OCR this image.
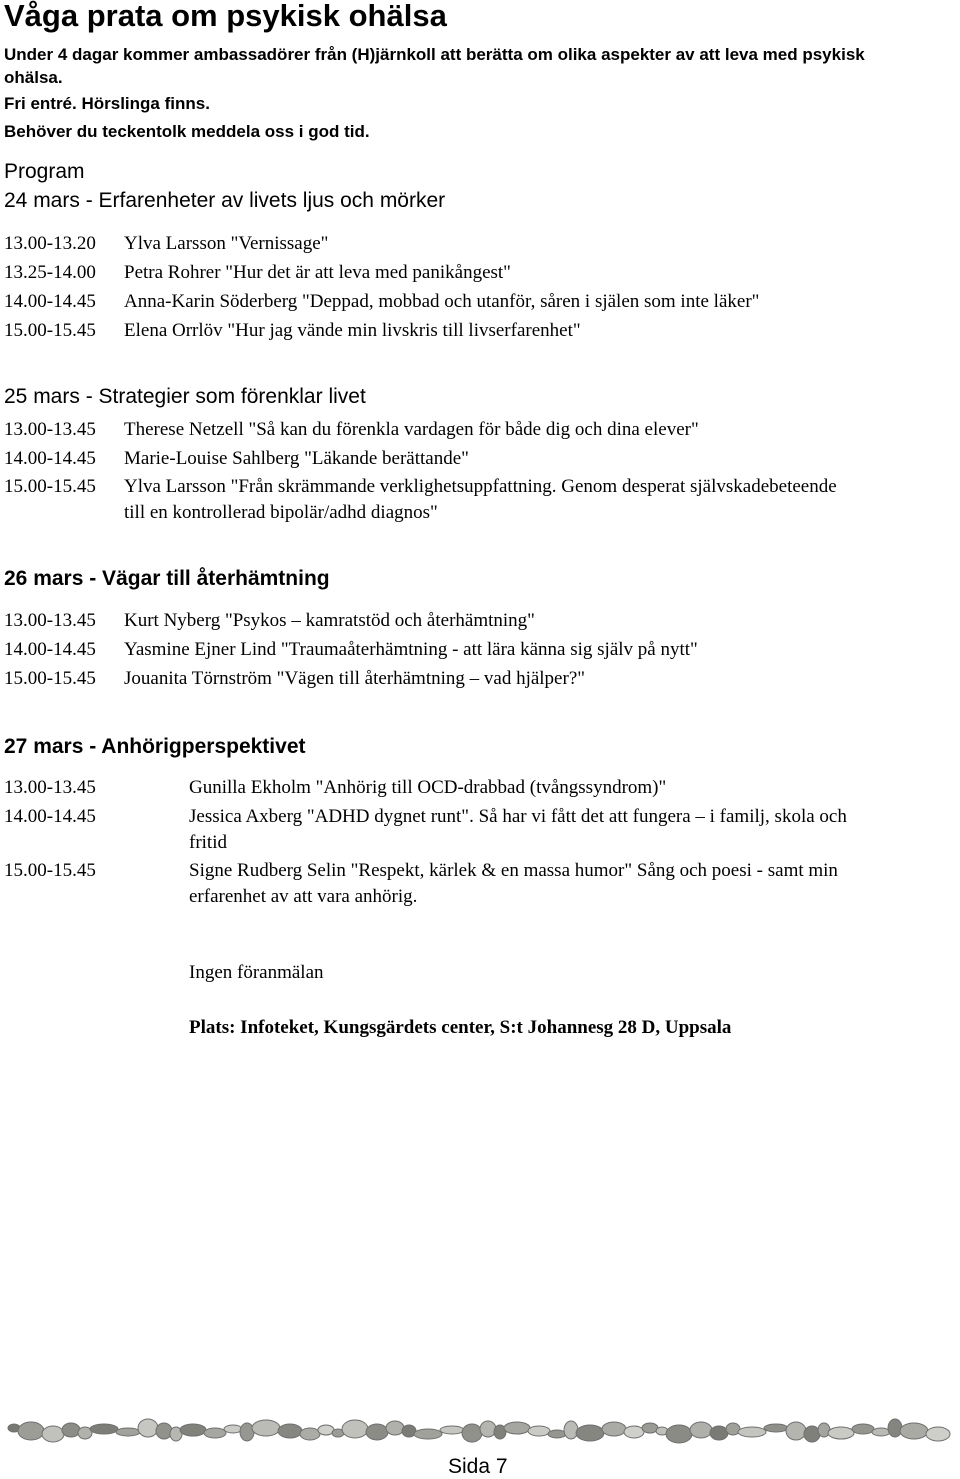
Våga prata om psykisk ohälsa
Under 4 dagar kommer ambassadörer från (H)järnkoll att berätta om olika aspekter av att leva med psykisk
ohälsa.
Fri entré. Hörslinga finns.
Behöver du teckentolk meddela oss i god tid.
Program
24 mars - Erfarenheter av livets ljus och mörker
13.00-13.20 Ylva Larsson "Vernissage"
13.25-14.00 Petra Rohrer "Hur det är att leva med panikångest"
14.00-14.45 Anna-Karin Söderberg "Deppad, mobbad och utanför, såren i själen som inte läker"
15.00-15.45 Elena Orrlöv "Hur jag vände min livskris till livserfarenhet"
25 mars - Strategier som förenklar livet
13.00-13.45 Therese Netzell "Så kan du förenkla vardagen för både dig och dina elever"
14.00-14.45 Marie-Louise Sahlberg "Läkande berättande"
15.00-15.45 Ylva Larsson "Från skrämmande verklighetsuppfattning. Genom desperat självskadebeteende
till en kontrollerad bipolär/adhd diagnos"
26 mars - Vägar till återhämtning
13.00-13.45 Kurt Nyberg "Psykos – kamratstöd och återhämtning"
14.00-14.45 Yasmine Ejner Lind "Traumaåterhämtning - att lära känna sig själv på nytt"
15.00-15.45 Jouanita Törnström "Vägen till återhämtning – vad hjälper?"
27 mars - Anhörigperspektivet
13.00-13.45	Gunilla Ekholm "Anhörig till OCD-drabbad (tvångssyndrom)"
14.00-14.45	Jessica Axberg "ADHD dygnet runt". Så har vi fått det att fungera – i familj, skola och
fritid
15.00-15.45	Signe Rudberg Selin "Respekt, kärlek & en massa humor" Sång och poesi - samt min
erfarenhet av att vara anhörig.
Ingen föranmälan
Plats: Infoteket, Kungsgärdets center, S:t Johannesg 28 D, Uppsala
Sida 7
